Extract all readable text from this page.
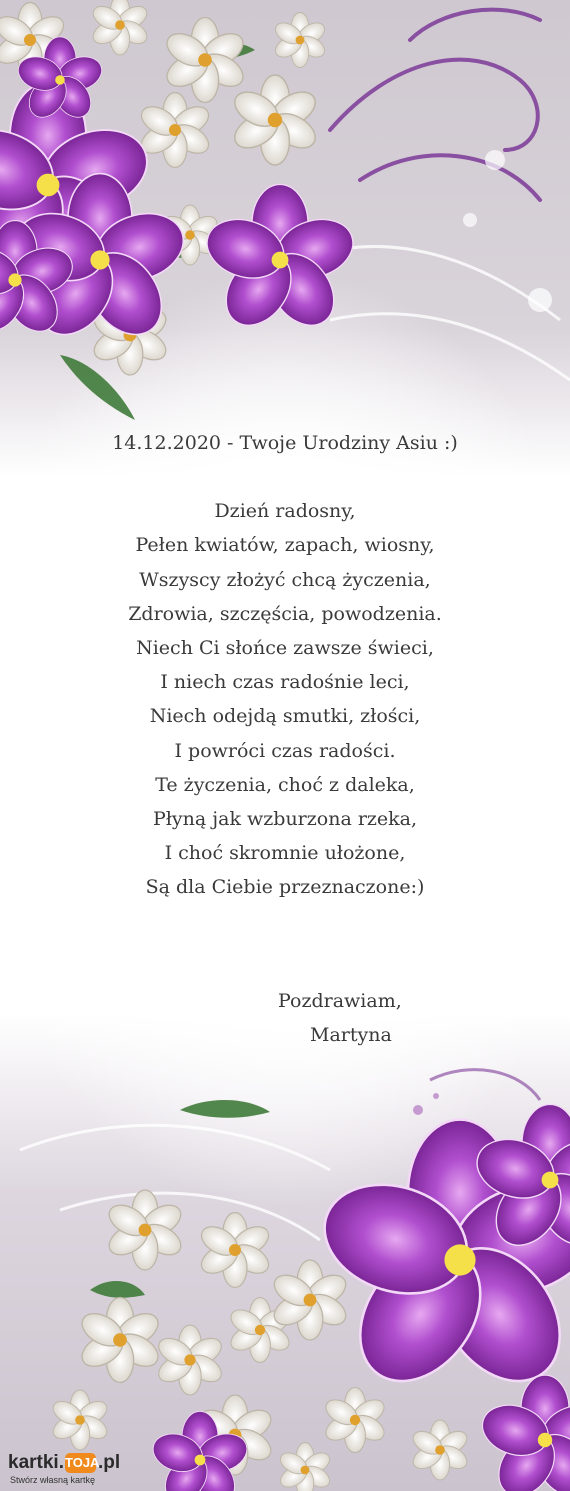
14.12.2020 - Twoje Urodziny Asiu :)
Dzień radosny,
Pełen kwiatów, zapach, wiosny,
Wszyscy złożyć chcą życzenia,
Zdrowia, szczęścia, powodzenia.
Niech Ci słońce zawsze świeci,
I niech czas radośnie leci,
Niech odejdą smutki, złości,
I powróci czas radości.
Te życzenia, choć z daleka,
Płyną jak wzburzona rzeka,
I choć skromnie ułożone,
Są dla Ciebie przeznaczone:)
Pozdrawiam,
Martyna
kartki. TOJA
.pl
Stwórz własną kartkę
